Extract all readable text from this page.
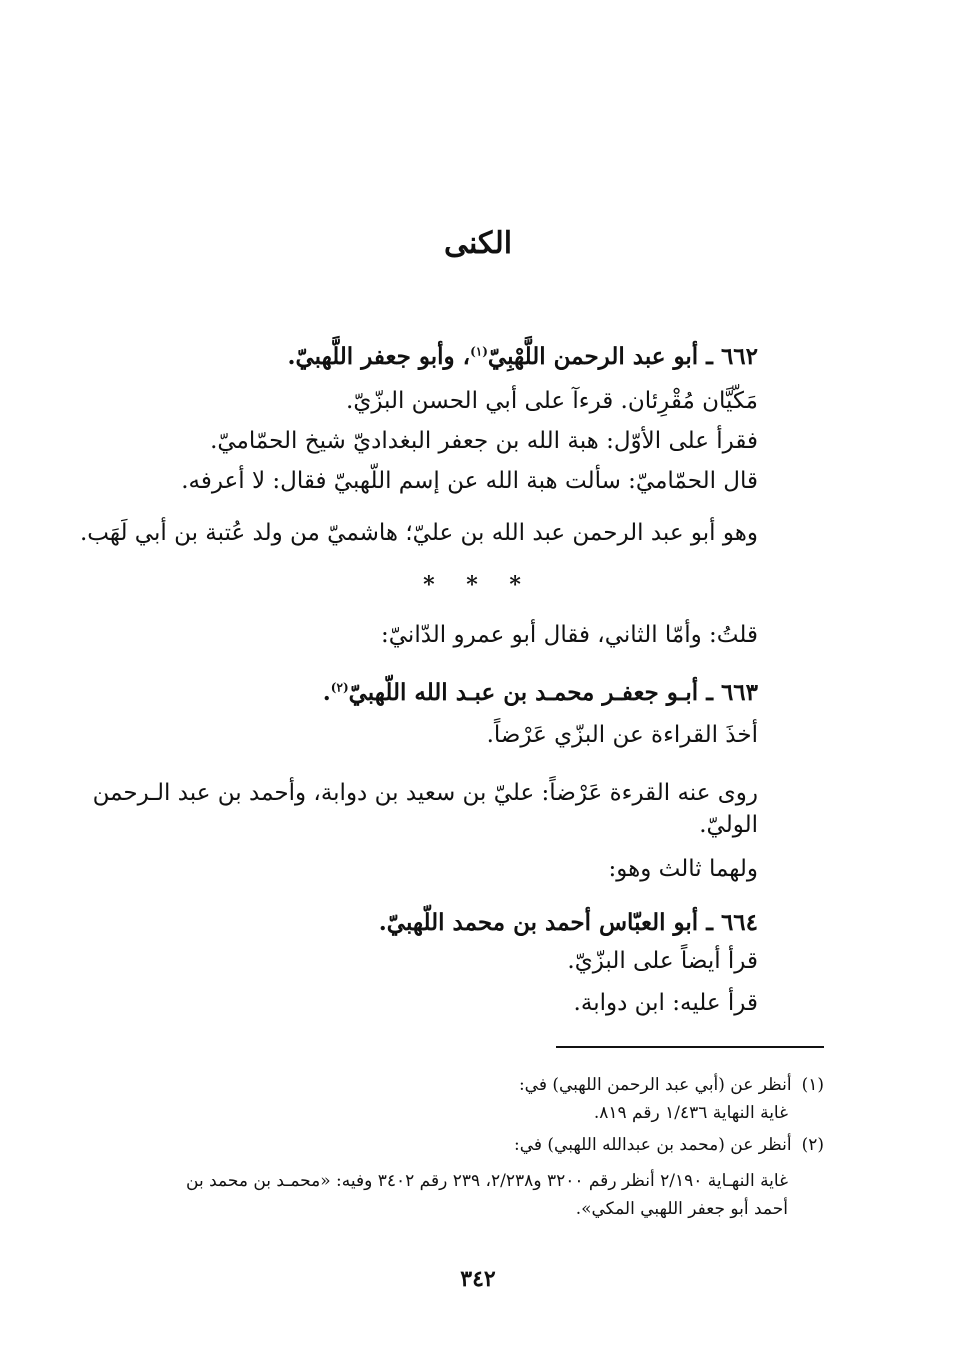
الكنى
٦٦٢ ـ أبو عبد الرحمن اللَّهْبِيّ$^{(١)}$، وأبو جعفر اللَّهبيّ.
مَكّيَّان مُقْرِئان. قرءآ على أبي الحسن البزّيّ.
فقرأ على الأوّل: هبة الله بن جعفر البغداديّ شيخ الحمّاميّ.
قال الحمّاميّ: سألت هبة الله عن إسم اللّهبيّ فقال: لا أعرفه.
وهو أبو عبد الرحمن عبد الله بن عليّ؛ هاشميّ من ولد عُتبة بن أبي لَهَب.
* * *
قلتُ: وأمّا الثاني، فقال أبو عمرو الدّانيّ:
٦٦٣ ـ أبـو جعفـر محمـد بن عبـد الله اللّهبيّ$^{(٢)}$.
أخذَ القراءة عن البزّي عَرْضاً.
روى عنه القرءة عَرْضاً: عليّ بن سعيد بن دوابة، وأحمد بن عبد الـرحمن
الوليّ.
ولهما ثالث وهو:
٦٦٤ ـ أبو العبّاس أحمد بن محمد اللّهبيّ.
قرأ أيضاً على البزّيّ.
قرأ عليه: ابن دوابة.
(١)أنظر عن (أبي عبد الرحمن اللهبي) في:
غاية النهاية ١/٤٣٦ رقم ٨١٩.
(٢)أنظر عن (محمد بن عبدالله اللهبي) في:
غاية النهـاية ٢/١٩٠ أنظر رقم ٣٢٠٠ و٢/٢٣٨، ٢٣٩ رقم ٣٤٠٢ وفيه: «محمـد بن محمد بن
أحمد أبو جعفر اللهبي المكي».
٣٤٢
